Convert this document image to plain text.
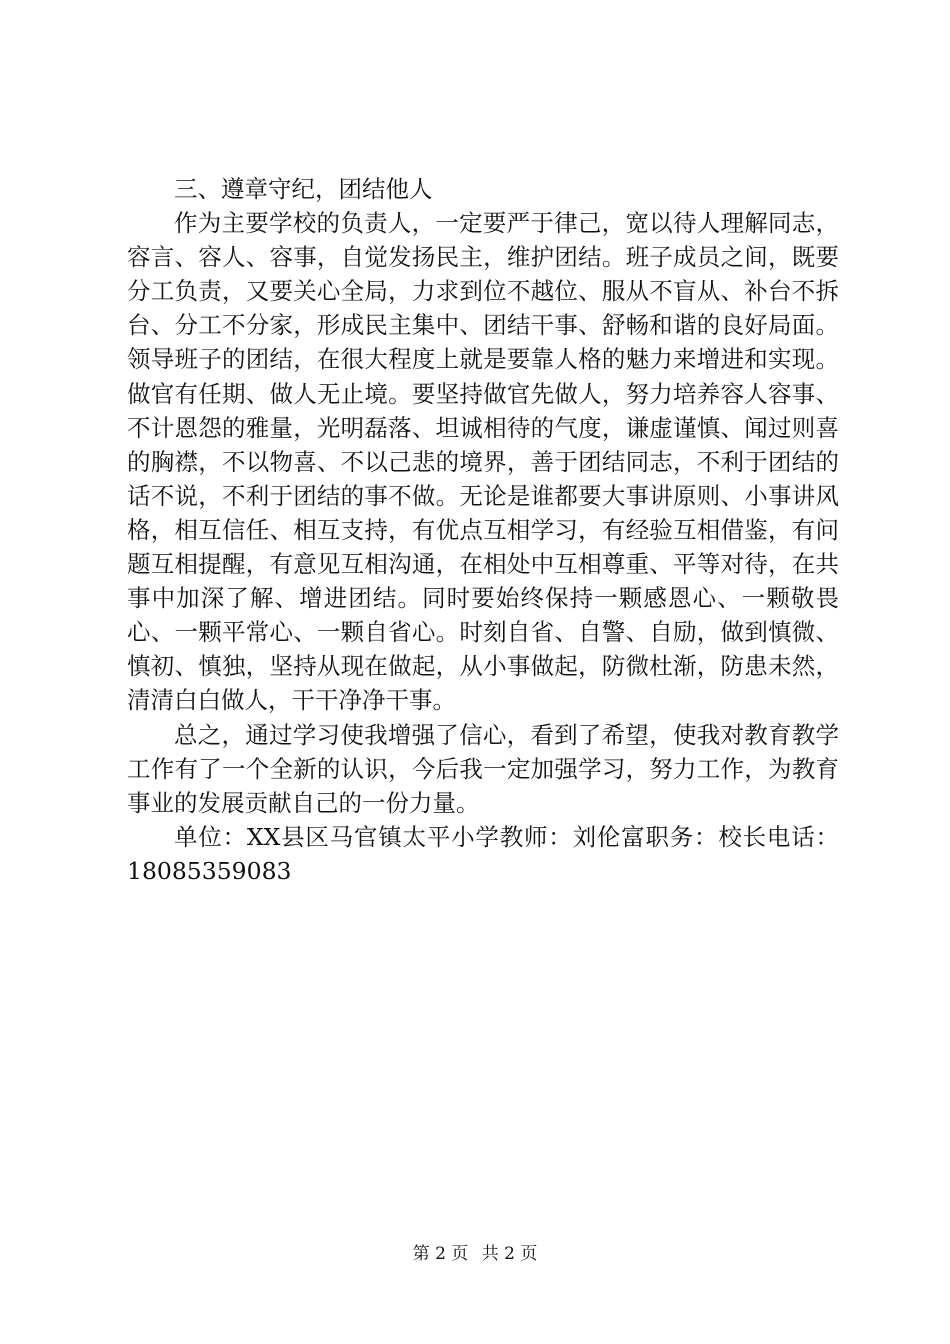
三、遵章守纪，团结他人

作为主要学校的负责人，一定要严于律己，宽以待人理解同志，容言、容人、容事，自觉发扬民主，维护团结。班子成员之间，既要分工负责，又要关心全局，力求到位不越位、服从不盲从、补台不拆台、分工不分家，形成民主集中、团结干事、舒畅和谐的良好局面。领导班子的团结，在很大程度上就是要靠人格的魅力来增进和实现。做官有任期、做人无止境。要坚持做官先做人，努力培养容人容事、不计恩怨的雅量，光明磊落、坦诚相待的气度，谦虚谨慎、闻过则喜的胸襟，不以物喜、不以己悲的境界，善于团结同志，不利于团结的话不说，不利于团结的事不做。无论是谁都要大事讲原则、小事讲风格，相互信任、相互支持，有优点互相学习，有经验互相借鉴，有问题互相提醒，有意见互相沟通，在相处中互相尊重、平等对待，在共事中加深了解、增进团结。同时要始终保持一颗感恩心、一颗敬畏心、一颗平常心、一颗自省心。时刻自省、自警、自励，做到慎微、慎初、慎独，坚持从现在做起，从小事做起，防微杜渐，防患未然，清清白白做人，干干净净干事。

总之，通过学习使我增强了信心，看到了希望，使我对教育教学工作有了一个全新的认识，今后我一定加强学习，努力工作，为教育事业的发展贡献自己的一份力量。

单位：XX县区马官镇太平小学教师：刘伦富职务：校长电话：18085359083

第 2 页 共 2 页
